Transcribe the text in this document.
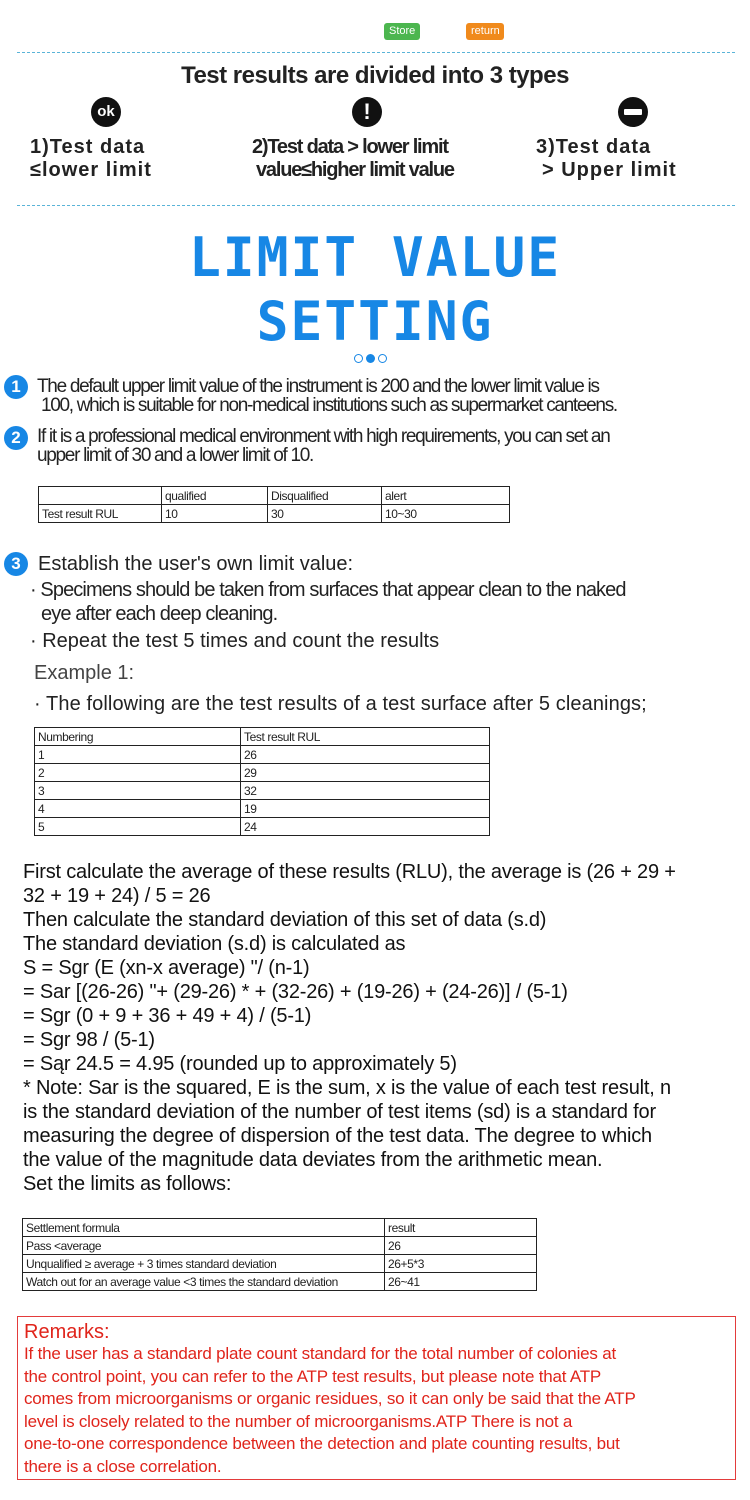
Store	return
Test results are divided into 3 types
ok	!
1)Test data
≤lower limit
2)Test data > lower limit
value≤higher limit value
3)Test data
> Upper limit
LIMIT VALUE
SETTING
1 The default upper limit value of the instrument is 200 and the lower limit value is
100, which is suitable for non-medical institutions such as supermarket canteens.
2 If it is a professional medical environment with high requirements, you can set an
upper limit of 30 and a lower limit of 10.
	qualified	Disqualified	alert
Test result RUL	10	30	10~30
3 Establish the user's own limit value:
· Specimens should be taken from surfaces that appear clean to the naked
eye after each deep cleaning.
· Repeat the test 5 times and count the results
Example 1:
· The following are the test results of a test surface after 5 cleanings;
Numbering	Test result RUL
1	26
2	29
3	32
4	19
5	24
First calculate the average of these results (RLU), the average is (26 + 29 +
32 + 19 + 24) / 5 = 26
Then calculate the standard deviation of this set of data (s.d)
The standard deviation (s.d) is calculated as
S = Sgr (E (xn-x average) "/ (n-1)
= Sar [(26-26) "+ (29-26) * + (32-26) + (19-26) + (24-26)] / (5-1)
= Sgr (0 + 9 + 36 + 49 + 4) / (5-1)
= Sgr 98 / (5-1)
= Sąr 24.5 = 4.95 (rounded up to approximately 5)
* Note: Sar is the squared, E is the sum, x is the value of each test result, n
is the standard deviation of the number of test items (sd) is a standard for
measuring the degree of dispersion of the test data. The degree to which
the value of the magnitude data deviates from the arithmetic mean.
Set the limits as follows:
Settlement formula	result
Pass <average	26
Unqualified ≥ average + 3 times standard deviation	26+5*3
Watch out for an average value <3 times the standard deviation	26~41
Remarks:
If the user has a standard plate count standard for the total number of colonies at
the control point, you can refer to the ATP test results, but please note that ATP
comes from microorganisms or organic residues, so it can only be said that the ATP
level is closely related to the number of microorganisms.ATP There is not a
one-to-one correspondence between the detection and plate counting results, but
there is a close correlation.
